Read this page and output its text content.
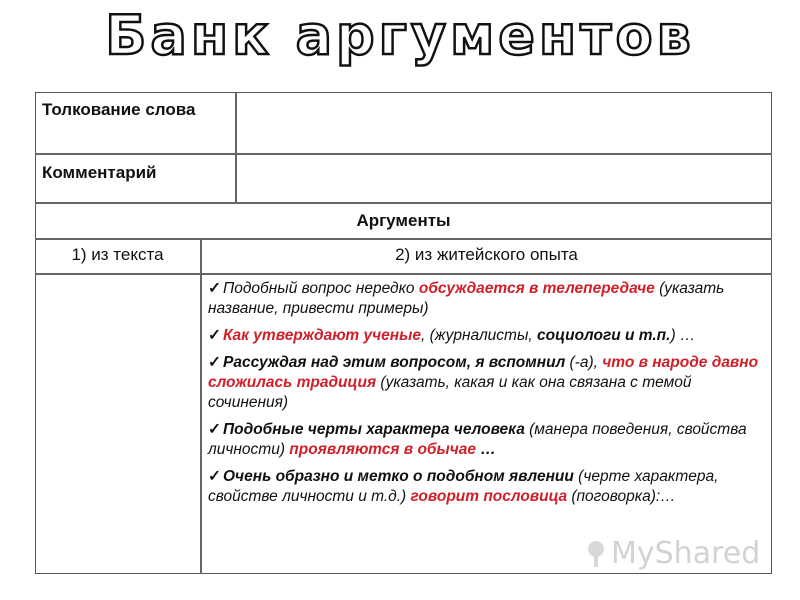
Банк аргументов
Толкование слова
Комментарий
Аргументы
1) из текста	2) из житейского опыта
✓ Подобный вопрос нередко обсуждается в телепередаче (указать название, привести примеры)
✓ Как утверждают ученые, (журналисты, социологи и т.п.) …
✓ Рассуждая над этим вопросом, я вспомнил (-а), что в народе давно сложилась традиция (указать, какая и как она связана с темой сочинения)
✓ Подобные черты характера человека (манера поведения, свойства личности) проявляются в обычае …
✓ Очень образно и метко о подобном явлении (черте характера, свойстве личности и т.д.) говорит пословица (поговорка):…
MyShared
